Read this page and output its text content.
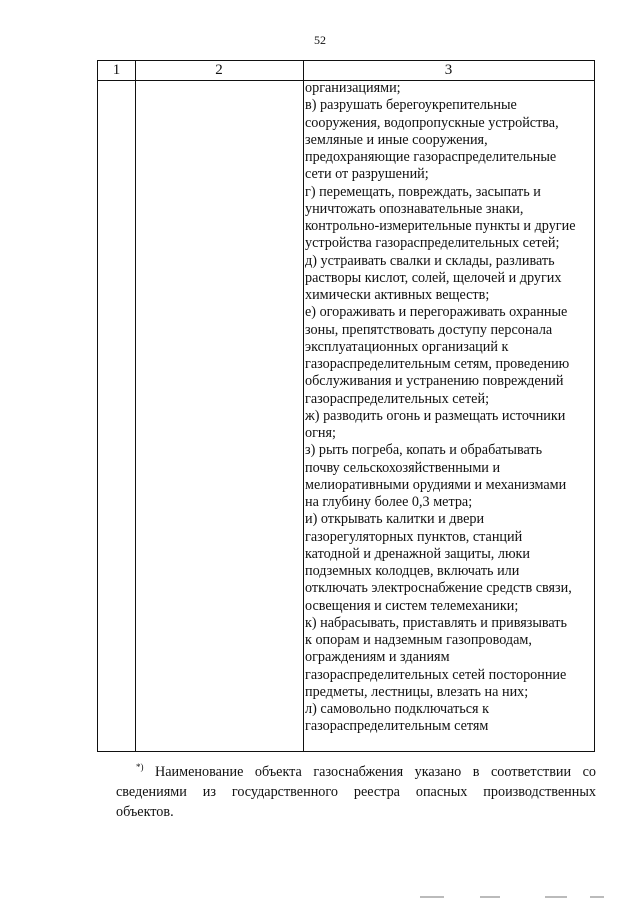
52
1	2	3
организациями;
в) разрушать берегоукрепительные
сооружения, водопропускные устройства,
земляные и иные сооружения,
предохраняющие газораспределительные
сети от разрушений;
г) перемещать, повреждать, засыпать и
уничтожать опознавательные знаки,
контрольно-измерительные пункты и другие
устройства газораспределительных сетей;
д) устраивать свалки и склады, разливать
растворы кислот, солей, щелочей и других
химически активных веществ;
е) огораживать и перегораживать охранные
зоны, препятствовать доступу персонала
эксплуатационных организаций к
газораспределительным сетям, проведению
обслуживания и устранению повреждений
газораспределительных сетей;
ж) разводить огонь и размещать источники
огня;
з) рыть погреба, копать и обрабатывать
почву сельскохозяйственными и
мелиоративными орудиями и механизмами
на глубину более 0,3 метра;
и) открывать калитки и двери
газорегуляторных пунктов, станций
катодной и дренажной защиты, люки
подземных колодцев, включать или
отключать электроснабжение средств связи,
освещения и систем телемеханики;
к) набрасывать, приставлять и привязывать
к опорам и надземным газопроводам,
ограждениям и зданиям
газораспределительных сетей посторонние
предметы, лестницы, влезать на них;
л) самовольно подключаться к
газораспределительным сетям
*) Наименование объекта газоснабжения указано в соответствии со
сведениями из государственного реестра опасных производственных
объектов.
